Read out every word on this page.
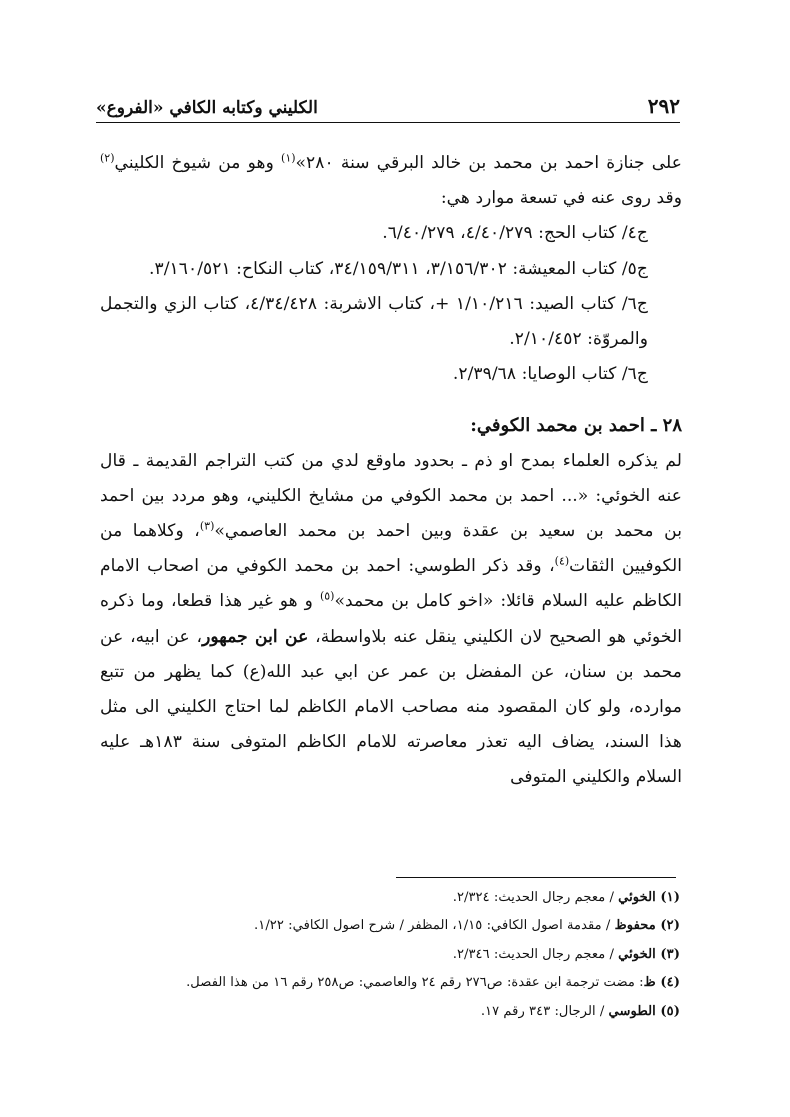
٢٩٢
الكليني وكتابه الكافي «الفروع»

على جنازة احمد بن محمد بن خالد البرقي سنة ٢٨٠»$^{(١)}$ وهو من شيوخ الكليني$^{(٢)}$ وقد روى عنه في تسعة موارد هي:

ج٤/ كتاب الحج: ٤/٤٠/٢٧٩، ٦/٤٠/٢٧٩.

ج٥/ كتاب المعيشة: ٣/١٥٦/٣٠٢، ٣٤/١٥٩/٣١١، كتاب النكاح: ٣/١٦٠/٥٢١.

ج٦/ كتاب الصيد: ١/١٠/٢١٦ +، كتاب الاشربة: ٤/٣٤/٤٢٨، كتاب الزي والتجمل والمروّة: ٢/١٠/٤٥٢.

ج٦/ كتاب الوصايا: ٢/٣٩/٦٨.

٢٨ ـ احمد بن محمد الكوفي:

لم يذكره العلماء بمدح او ذم ـ بحدود ماوقع لدي من كتب التراجم القديمة ـ قال عنه الخوئي: «... احمد بن محمد الكوفي من مشايخ الكليني، وهو مردد بين احمد بن محمد بن سعيد بن عقدة وبين احمد بن محمد العاصمي»$^{(٣)}$، وكلاهما من الكوفيين الثقات$^{(٤)}$، وقد ذكر الطوسي: احمد بن محمد الكوفي من اصحاب الامام الكاظم عليه السلام قائلا: «اخو كامل بن محمد»$^{(٥)}$ و هو غير هذا قطعا، وما ذكره الخوئي هو الصحيح لان الكليني ينقل عنه بلاواسطة، عن ابن جمهور، عن ابيه، عن محمد بن سنان، عن المفضل بن عمر عن ابي عبد الله(ع) كما يظهر من تتبع موارده، ولو كان المقصود منه مصاحب الامام الكاظم لما احتاج الكليني الى مثل هذا السند، يضاف اليه تعذر معاصرته للامام الكاظم المتوفى سنة ١٨٣هـ عليه السلام والكليني المتوفى

(١) الخوئي / معجم رجال الحديث: ٢/٣٢٤.

(٢) محفوظ / مقدمة اصول الكافي: ١/١٥، المظفر / شرح اصول الكافي: ١/٢٢.

(٣) الخوئي / معجم رجال الحديث: ٢/٣٤٦.

(٤) ظ: مضت ترجمة ابن عقدة: ص٢٧٦ رقم ٢٤ والعاصمي: ص٢٥٨ رقم ١٦ من هذا الفصل.

(٥) الطوسي / الرجال: ٣٤٣ رقم ١٧.
